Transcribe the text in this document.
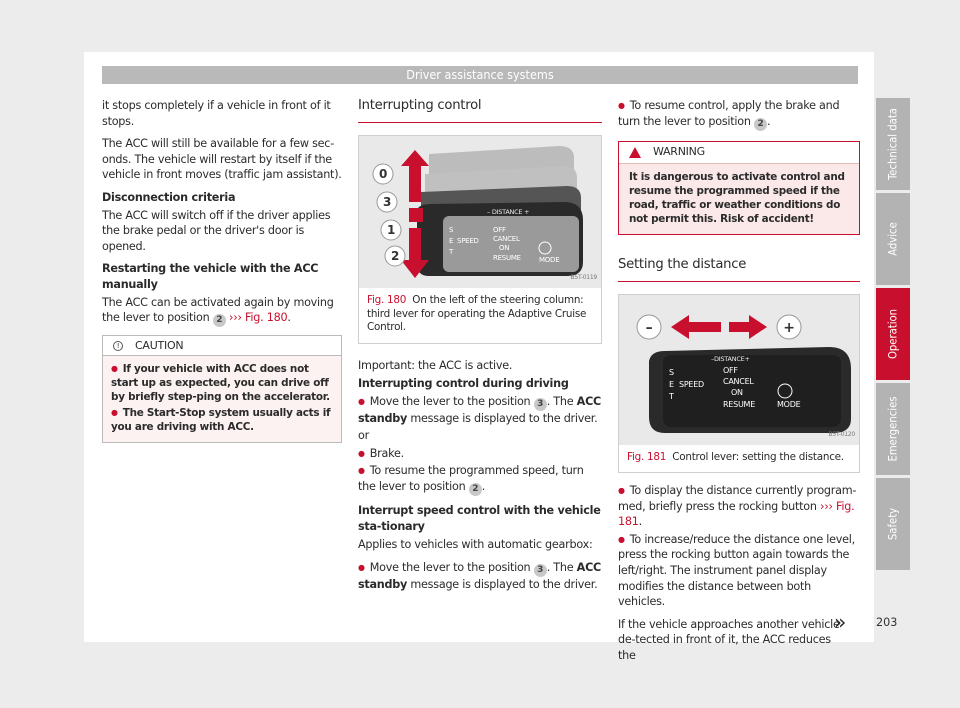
Driver assistance systems

it stops completely if a vehicle in front of it stops.

The ACC will still be available for a few sec-onds. The vehicle will restart by itself if the vehicle in front moves (traffic jam assistant).

Disconnection criteria

The ACC will switch off if the driver applies the brake pedal or the driver's door is opened.

Restarting the vehicle with the ACC manually

The ACC can be activated again by moving the lever to position 2 ››› Fig. 180.

!	CAUTION

● If your vehicle with ACC does not start up as expected, you can drive off by briefly step-ping on the accelerator.

● The Start-Stop system usually acts if you are driving with ACC.

Interrupting control
– DISTANCE +
S
E
T
SPEED
OFF
CANCEL
ON
RESUME	MODE
0
3
1
2
B5T-0119
Fig. 180 On the left of the steering column: third lever for operating the Adaptive Cruise Control.

Important: the ACC is active.

Interrupting control during driving

● Move the lever to the position 3 . The ACC standby message is displayed to the driver.

or

● Brake.

● To resume the programmed speed, turn the lever to position 2 .

Interrupt speed control with the vehicle sta-tionary

Applies to vehicles with automatic gearbox:

● Move the lever to the position 3 . The ACC standby message is displayed to the driver.

● To resume control, apply the brake and turn the lever to position 2 .

WARNING
It is dangerous to activate control and resume the programmed speed if the road, traffic or weather conditions do not permit this. Risk of accident!
Setting the distance
–	+
–DISTANCE+
S
E
T
SPEED
OFF
CANCEL
ON
RESUME	MODE
B5T-0120
Fig. 181 Control lever: setting the distance.

● To display the distance currently program-med, briefly press the rocking button ››› Fig. 181.

● To increase/reduce the distance one level, press the rocking button again towards the left/right. The instrument panel display modifies the distance between both vehicles.

If the vehicle approaches another vehicle de-tected in front of it, the ACC reduces the

»
Technical data
Advice
Operation
Emergencies
Safety
203
